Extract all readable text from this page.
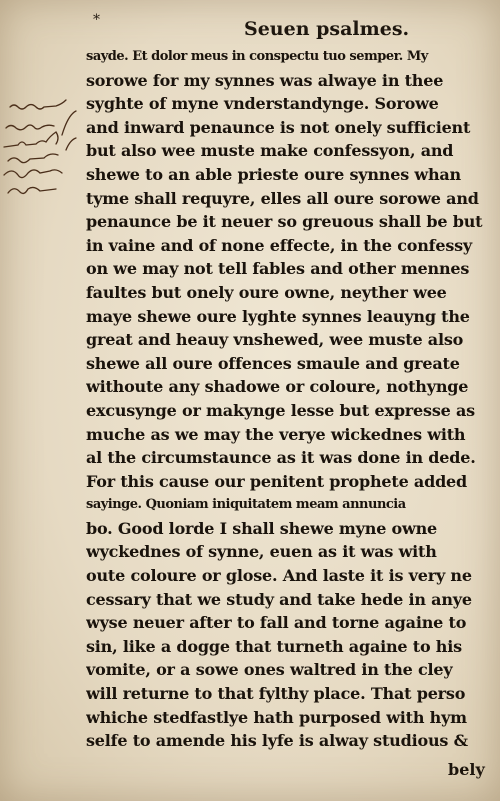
*	Seuen psalmes.
sayde. Et dolor meus in conspectu tuo semper. My
sorowe for my synnes was alwaye in thee
syghte of myne vnderstandynge. Sorowe
and inward penaunce is not onely sufficient
but also wee muste make confessyon, and
shewe to an able prieste oure synnes whan
tyme shall requyre, elles all oure sorowe and
penaunce be it neuer so greuous shall be but
in vaine and of none effecte, in the confessy
on we may not tell fables and other mennes
faultes but onely oure owne, neyther wee
maye shewe oure lyghte synnes leauyng the
great and heauy vnshewed, wee muste also
shewe all oure offences smaule and greate
withoute any shadowe or coloure, nothynge
excusynge or makynge lesse but expresse as
muche as we may the verye wickednes with
al the circumstaunce as it was done in dede.
For this cause our penitent prophete added
sayinge. Quoniam iniquitatem meam annuncia
bo. Good lorde I shall shewe myne owne
wyckednes of synne, euen as it was with
oute coloure or glose. And laste it is very ne
cessary that we study and take hede in anye
wyse neuer after to fall and torne againe to
sin, like a dogge that turneth againe to his
vomite, or a sowe ones waltred in the cley
will returne to that fylthy place. That perso
whiche stedfastlye hath purposed with hym
selfe to amende his lyfe is alway studious &
bely
